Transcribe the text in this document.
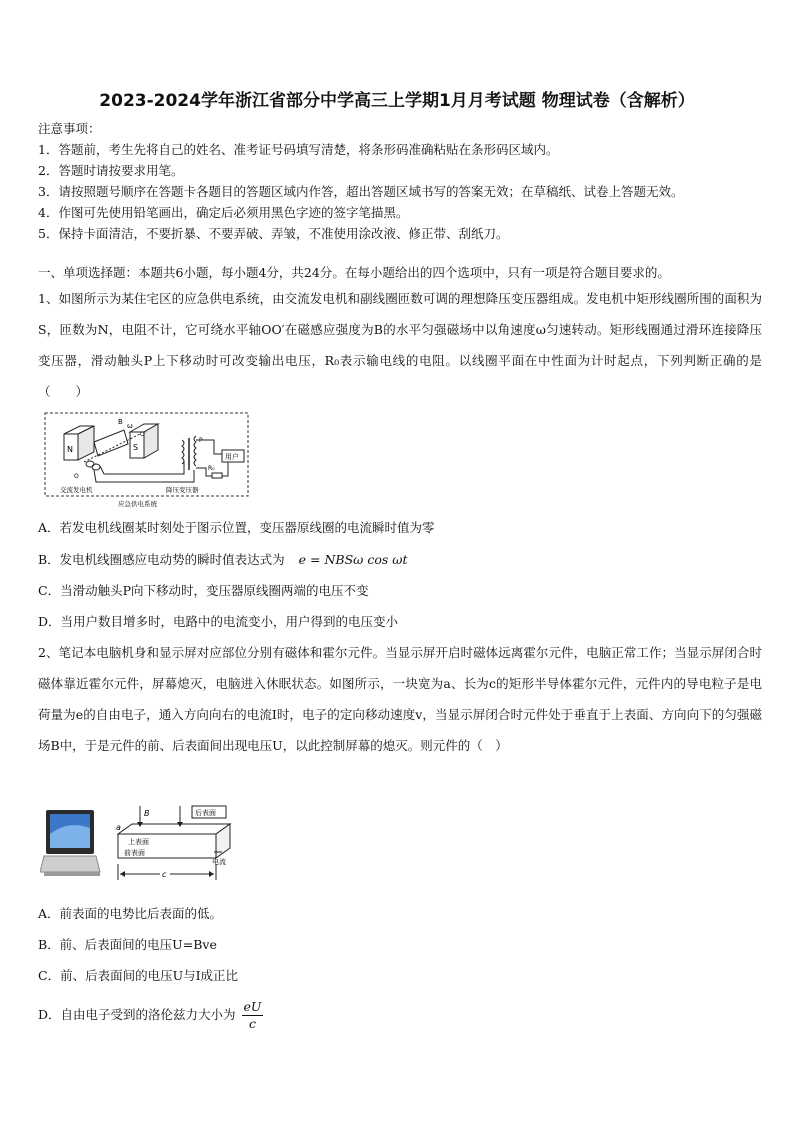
2023-2024学年浙江省部分中学高三上学期1月月考试题 物理试卷（含解析）
注意事项：
1．答题前，考生先将自己的姓名、准考证号码填写清楚，将条形码准确粘贴在条形码区域内。
2．答题时请按要求用笔。
3．请按照题号顺序在答题卡各题目的答题区域内作答，超出答题区域书写的答案无效；在草稿纸、试卷上答题无效。
4．作图可先使用铅笔画出，确定后必须用黑色字迹的签字笔描黑。
5．保持卡面清洁，不要折暴、不要弄破、弄皱，不准使用涂改液、修正带、刮纸刀。
一、单项选择题：本题共6小题，每小题4分，共24分。在每小题给出的四个选项中，只有一项是符合题目要求的。
1、如图所示为某住宅区的应急供电系统，由交流发电机和副线圈匝数可调的理想降压变压器组成。发电机中矩形线圈所围的面积为S，匝数为N，电阻不计，它可绕水平轴OO′在磁感应强度为B的水平匀强磁场中以角速度ω匀速转动。矩形线圈通过滑环连接降压变压器，滑动触头P上下移动时可改变输出电压，R₀表示输电线的电阻。以线圈平面在中性面为计时起点，下列判断正确的是（　　）
N	S
ω
B
O′
O
P
R₀
用户
交流发电机	降压变压器
应急供电系统
A．若发电机线圈某时刻处于图示位置，变压器原线圈的电流瞬时值为零
B．发电机线圈感应电动势的瞬时值表达式为 e = NBSω cos ωt
C．当滑动触头P向下移动时，变压器原线圈两端的电压不变
D．当用户数目增多时，电路中的电流变小，用户得到的电压变小
2、笔记本电脑机身和显示屏对应部位分别有磁体和霍尔元件。当显示屏开启时磁体远离霍尔元件，电脑正常工作；当显示屏闭合时磁体靠近霍尔元件，屏幕熄灭，电脑进入休眠状态。如图所示，一块宽为a、长为c的矩形半导体霍尔元件，元件内的导电粒子是电荷量为e的自由电子，通入方向向右的电流I时，电子的定向移动速度v，当显示屏闭合时元件处于垂直于上表面、方向向下的匀强磁场B中，于是元件的前、后表面间出现电压U，以此控制屏幕的熄灭。则元件的（　）
B	后表面
上表面
前表面
电流
a
c
A．前表面的电势比后表面的低。
B．前、后表面间的电压U=Bve
C．前、后表面间的电压U与I成正比
D．自由电子受到的洛伦兹力大小为 $\frac{eU}{c}$
